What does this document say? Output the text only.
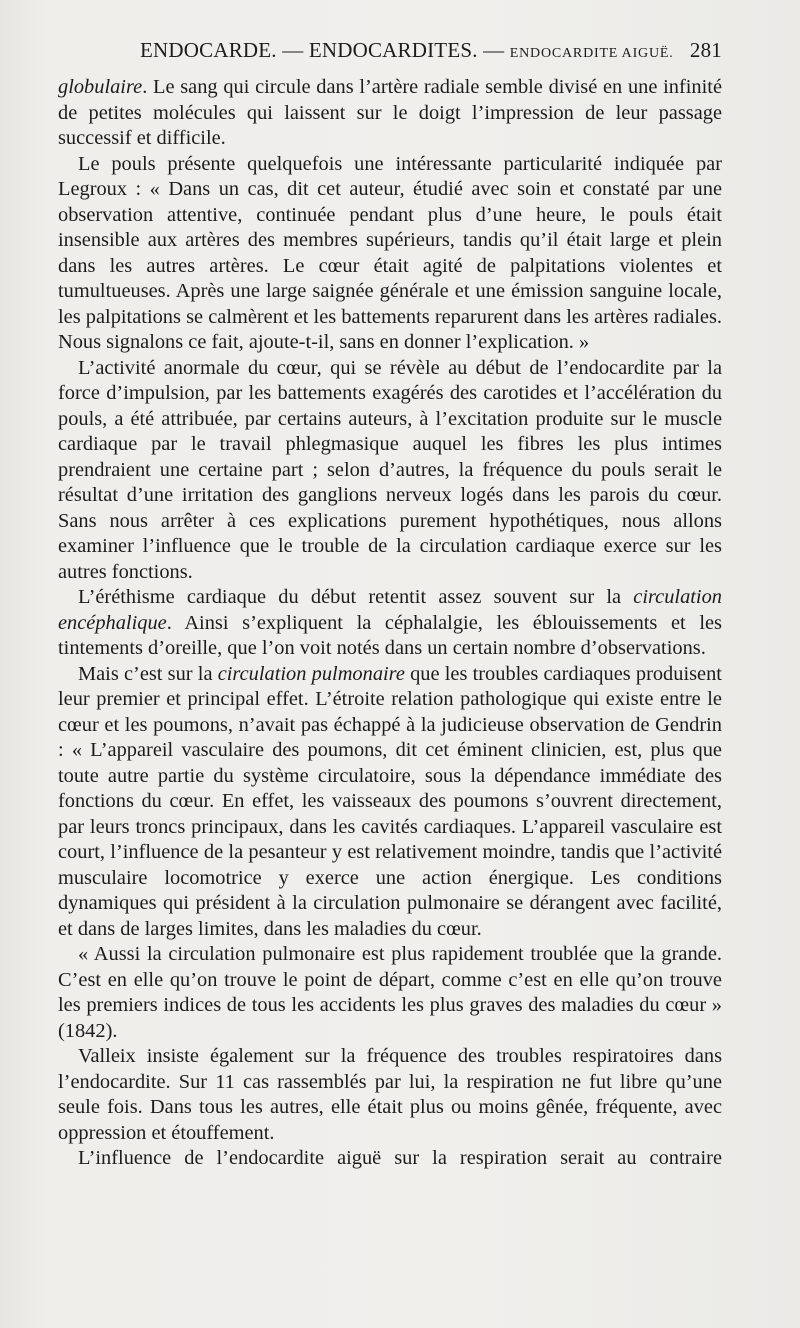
ENDOCARDE. — ENDOCARDITES. — ENDOCARDITE AIGUË. 281

globulaire. Le sang qui circule dans l’artère radiale semble divisé en une infinité de petites molécules qui laissent sur le doigt l’impression de leur passage successif et difficile.

Le pouls présente quelquefois une intéressante particularité indiquée par Legroux : « Dans un cas, dit cet auteur, étudié avec soin et constaté par une observation attentive, continuée pendant plus d’une heure, le pouls était insensible aux artères des membres supérieurs, tandis qu’il était large et plein dans les autres artères. Le cœur était agité de palpitations violentes et tumultueuses. Après une large saignée générale et une émission sanguine locale, les palpitations se calmèrent et les battements reparurent dans les artères radiales. Nous signalons ce fait, ajoute-t-il, sans en donner l’explication. »

L’activité anormale du cœur, qui se révèle au début de l’endocardite par la force d’impulsion, par les battements exagérés des carotides et l’accélération du pouls, a été attribuée, par certains auteurs, à l’excitation produite sur le muscle cardiaque par le travail phlegmasique auquel les fibres les plus intimes prendraient une certaine part ; selon d’autres, la fréquence du pouls serait le résultat d’une irritation des ganglions nerveux logés dans les parois du cœur. Sans nous arrêter à ces explications purement hypothétiques, nous allons examiner l’influence que le trouble de la circulation cardiaque exerce sur les autres fonctions.

L’éréthisme cardiaque du début retentit assez souvent sur la circulation encéphalique. Ainsi s’expliquent la céphalalgie, les éblouissements et les tintements d’oreille, que l’on voit notés dans un certain nombre d’observations.

Mais c’est sur la circulation pulmonaire que les troubles cardiaques produisent leur premier et principal effet. L’étroite relation pathologique qui existe entre le cœur et les poumons, n’avait pas échappé à la judicieuse observation de Gendrin : « L’appareil vasculaire des poumons, dit cet éminent clinicien, est, plus que toute autre partie du système circulatoire, sous la dépendance immédiate des fonctions du cœur. En effet, les vaisseaux des poumons s’ouvrent directement, par leurs troncs principaux, dans les cavités cardiaques. L’appareil vasculaire est court, l’influence de la pesanteur y est relativement moindre, tandis que l’activité musculaire locomotrice y exerce une action énergique. Les conditions dynamiques qui président à la circulation pulmonaire se dérangent avec facilité, et dans de larges limites, dans les maladies du cœur.

« Aussi la circulation pulmonaire est plus rapidement troublée que la grande. C’est en elle qu’on trouve le point de départ, comme c’est en elle qu’on trouve les premiers indices de tous les accidents les plus graves des maladies du cœur » (1842).

Valleix insiste également sur la fréquence des troubles respiratoires dans l’endocardite. Sur 11 cas rassemblés par lui, la respiration ne fut libre qu’une seule fois. Dans tous les autres, elle était plus ou moins gênée, fréquente, avec oppression et étouffement.

L’influence de l’endocardite aiguë sur la respiration serait au contraire
